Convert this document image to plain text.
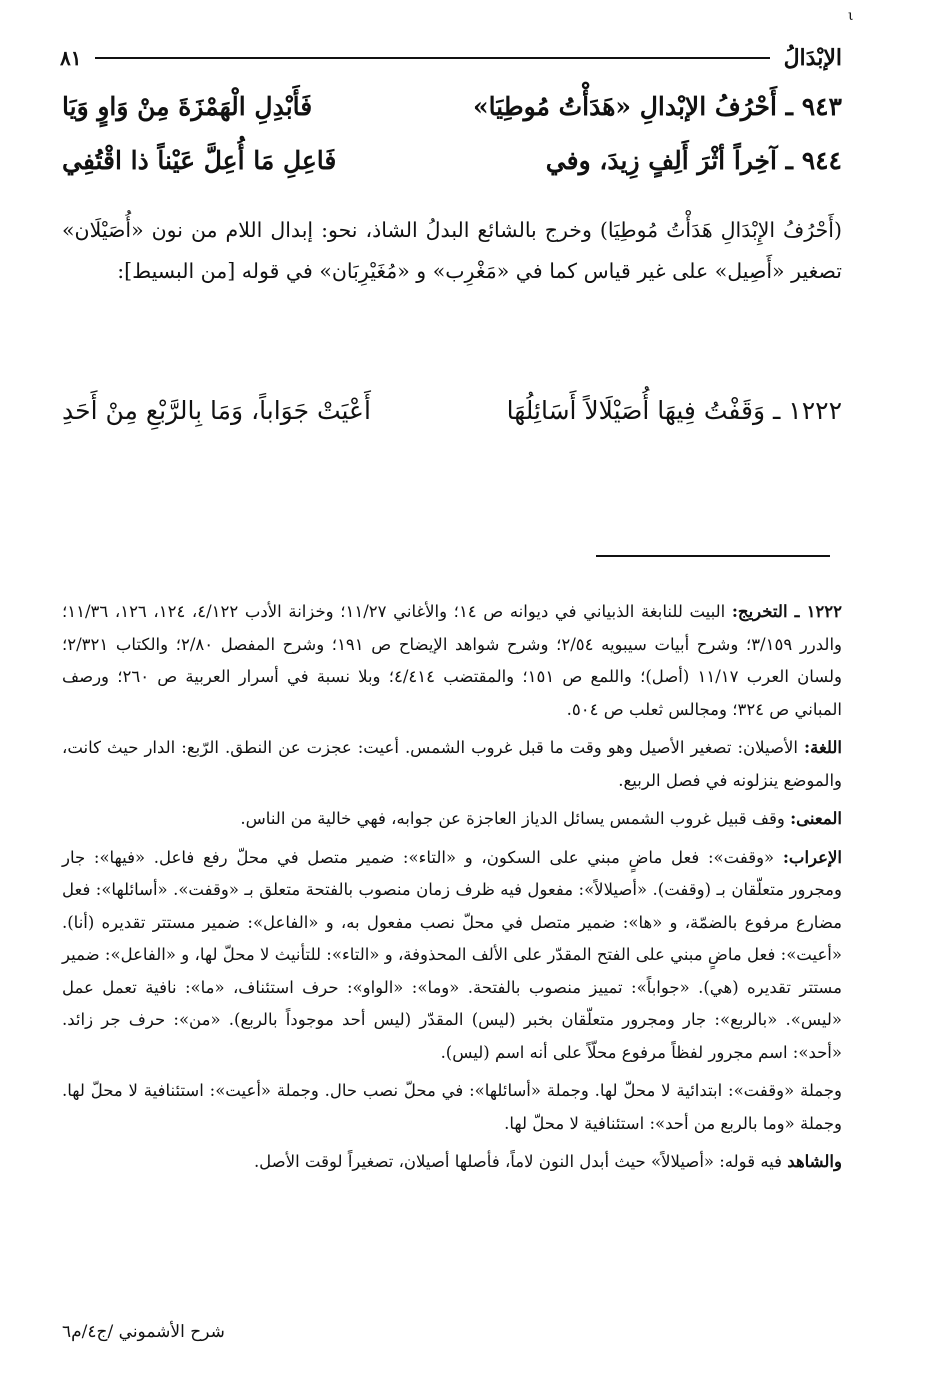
ι
الإبْدَالُ
٨١
٩٤٣ ـ أَحْرُفُ الإبْدالِ «هَدَأْتُ مُوطِيَا»
فَأَبْدِلِ الْهَمْزَةَ مِنْ وَاوٍ وَيَا
٩٤٤ ـ آخِراً أثْرَ أَلِفٍ زِيدَ، وفي
فَاعِلِ مَا أُعِلَّ عَيْناً ذا اقْتُفِي
(أَحْرُفُ الإِبْدَالِ هَدَأْتُ مُوطِيَا) وخرج بالشائع البدلُ الشاذ، نحو: إبدال اللام من نون «أُصَيْلَان» تصغير «أَصِيل» على غير قياس كما في «مَغْرِب» و «مُغَيْرِبَان» في قوله [من البسيط]:
١٢٢٢ ـ وَقَفْتُ فِيهَا أُصَيْلَالاً أَسَائِلُهَا
أَعْيَتْ جَوَاباً، وَمَا بِالرَّبْعِ مِنْ أَحَدِ

١٢٢٢ ـ التخريج: البيت للنابغة الذبياني في ديوانه ص ١٤؛ والأغاني ١١/٢٧؛ وخزانة الأدب ٤/١٢٢، ١٢٤، ١٢٦، ١١/٣٦؛ والدرر ٣/١٥٩؛ وشرح أبيات سيبويه ٢/٥٤؛ وشرح شواهد الإيضاح ص ١٩١؛ وشرح المفصل ٢/٨٠؛ والكتاب ٢/٣٢١؛ ولسان العرب ١١/١٧ (أصل)؛ واللمع ص ١٥١؛ والمقتضب ٤/٤١٤؛ وبلا نسبة في أسرار العربية ص ٢٦٠؛ ورصف المباني ص ٣٢٤؛ ومجالس ثعلب ص ٥٠٤.

اللغة: الأصيلان: تصغير الأصيل وهو وقت ما قبل غروب الشمس. أعيت: عجزت عن النطق. الرّبع: الدار حيث كانت، والموضع ينزلونه في فصل الربيع.

المعنى: وقف قبيل غروب الشمس يسائل الدياز العاجزة عن جوابه، فهي خالية من الناس.

الإعراب: «وقفت»: فعل ماضٍ مبني على السكون، و «التاء»: ضمير متصل في محلّ رفع فاعل. «فيها»: جار ومجرور متعلّقان بـ (وقفت). «أصيلالاً»: مفعول فيه ظرف زمان منصوب بالفتحة متعلق بـ «وقفت». «أسائلها»: فعل مضارع مرفوع بالضمّة، و «ها»: ضمير متصل في محلّ نصب مفعول به، و «الفاعل»: ضمير مستتر تقديره (أنا). «أعيت»: فعل ماضٍ مبني على الفتح المقدّر على الألف المحذوفة، و «التاء»: للتأنيث لا محلّ لها، و «الفاعل»: ضمير مستتر تقديره (هي). «جواباً»: تمييز منصوب بالفتحة. «وما»: «الواو»: حرف استئناف، «ما»: نافية تعمل عمل «ليس». «بالربع»: جار ومجرور متعلّقان بخبر (ليس) المقدّر (ليس أحد موجوداً بالربع). «من»: حرف جر زائد. «أحد»: اسم مجرور لفظاً مرفوع محلّاً على أنه اسم (ليس).

وجملة «وقفت»: ابتدائية لا محلّ لها. وجملة «أسائلها»: في محلّ نصب حال. وجملة «أعيت»: استئنافية لا محلّ لها. وجملة «وما بالربع من أحد»: استئنافية لا محلّ لها.

والشاهد فيه قوله: «أصيلالاً» حيث أبدل النون لاماً، فأصلها أصيلان، تصغيراً لوقت الأصل.

شرح الأشموني /ج٤/م٦
